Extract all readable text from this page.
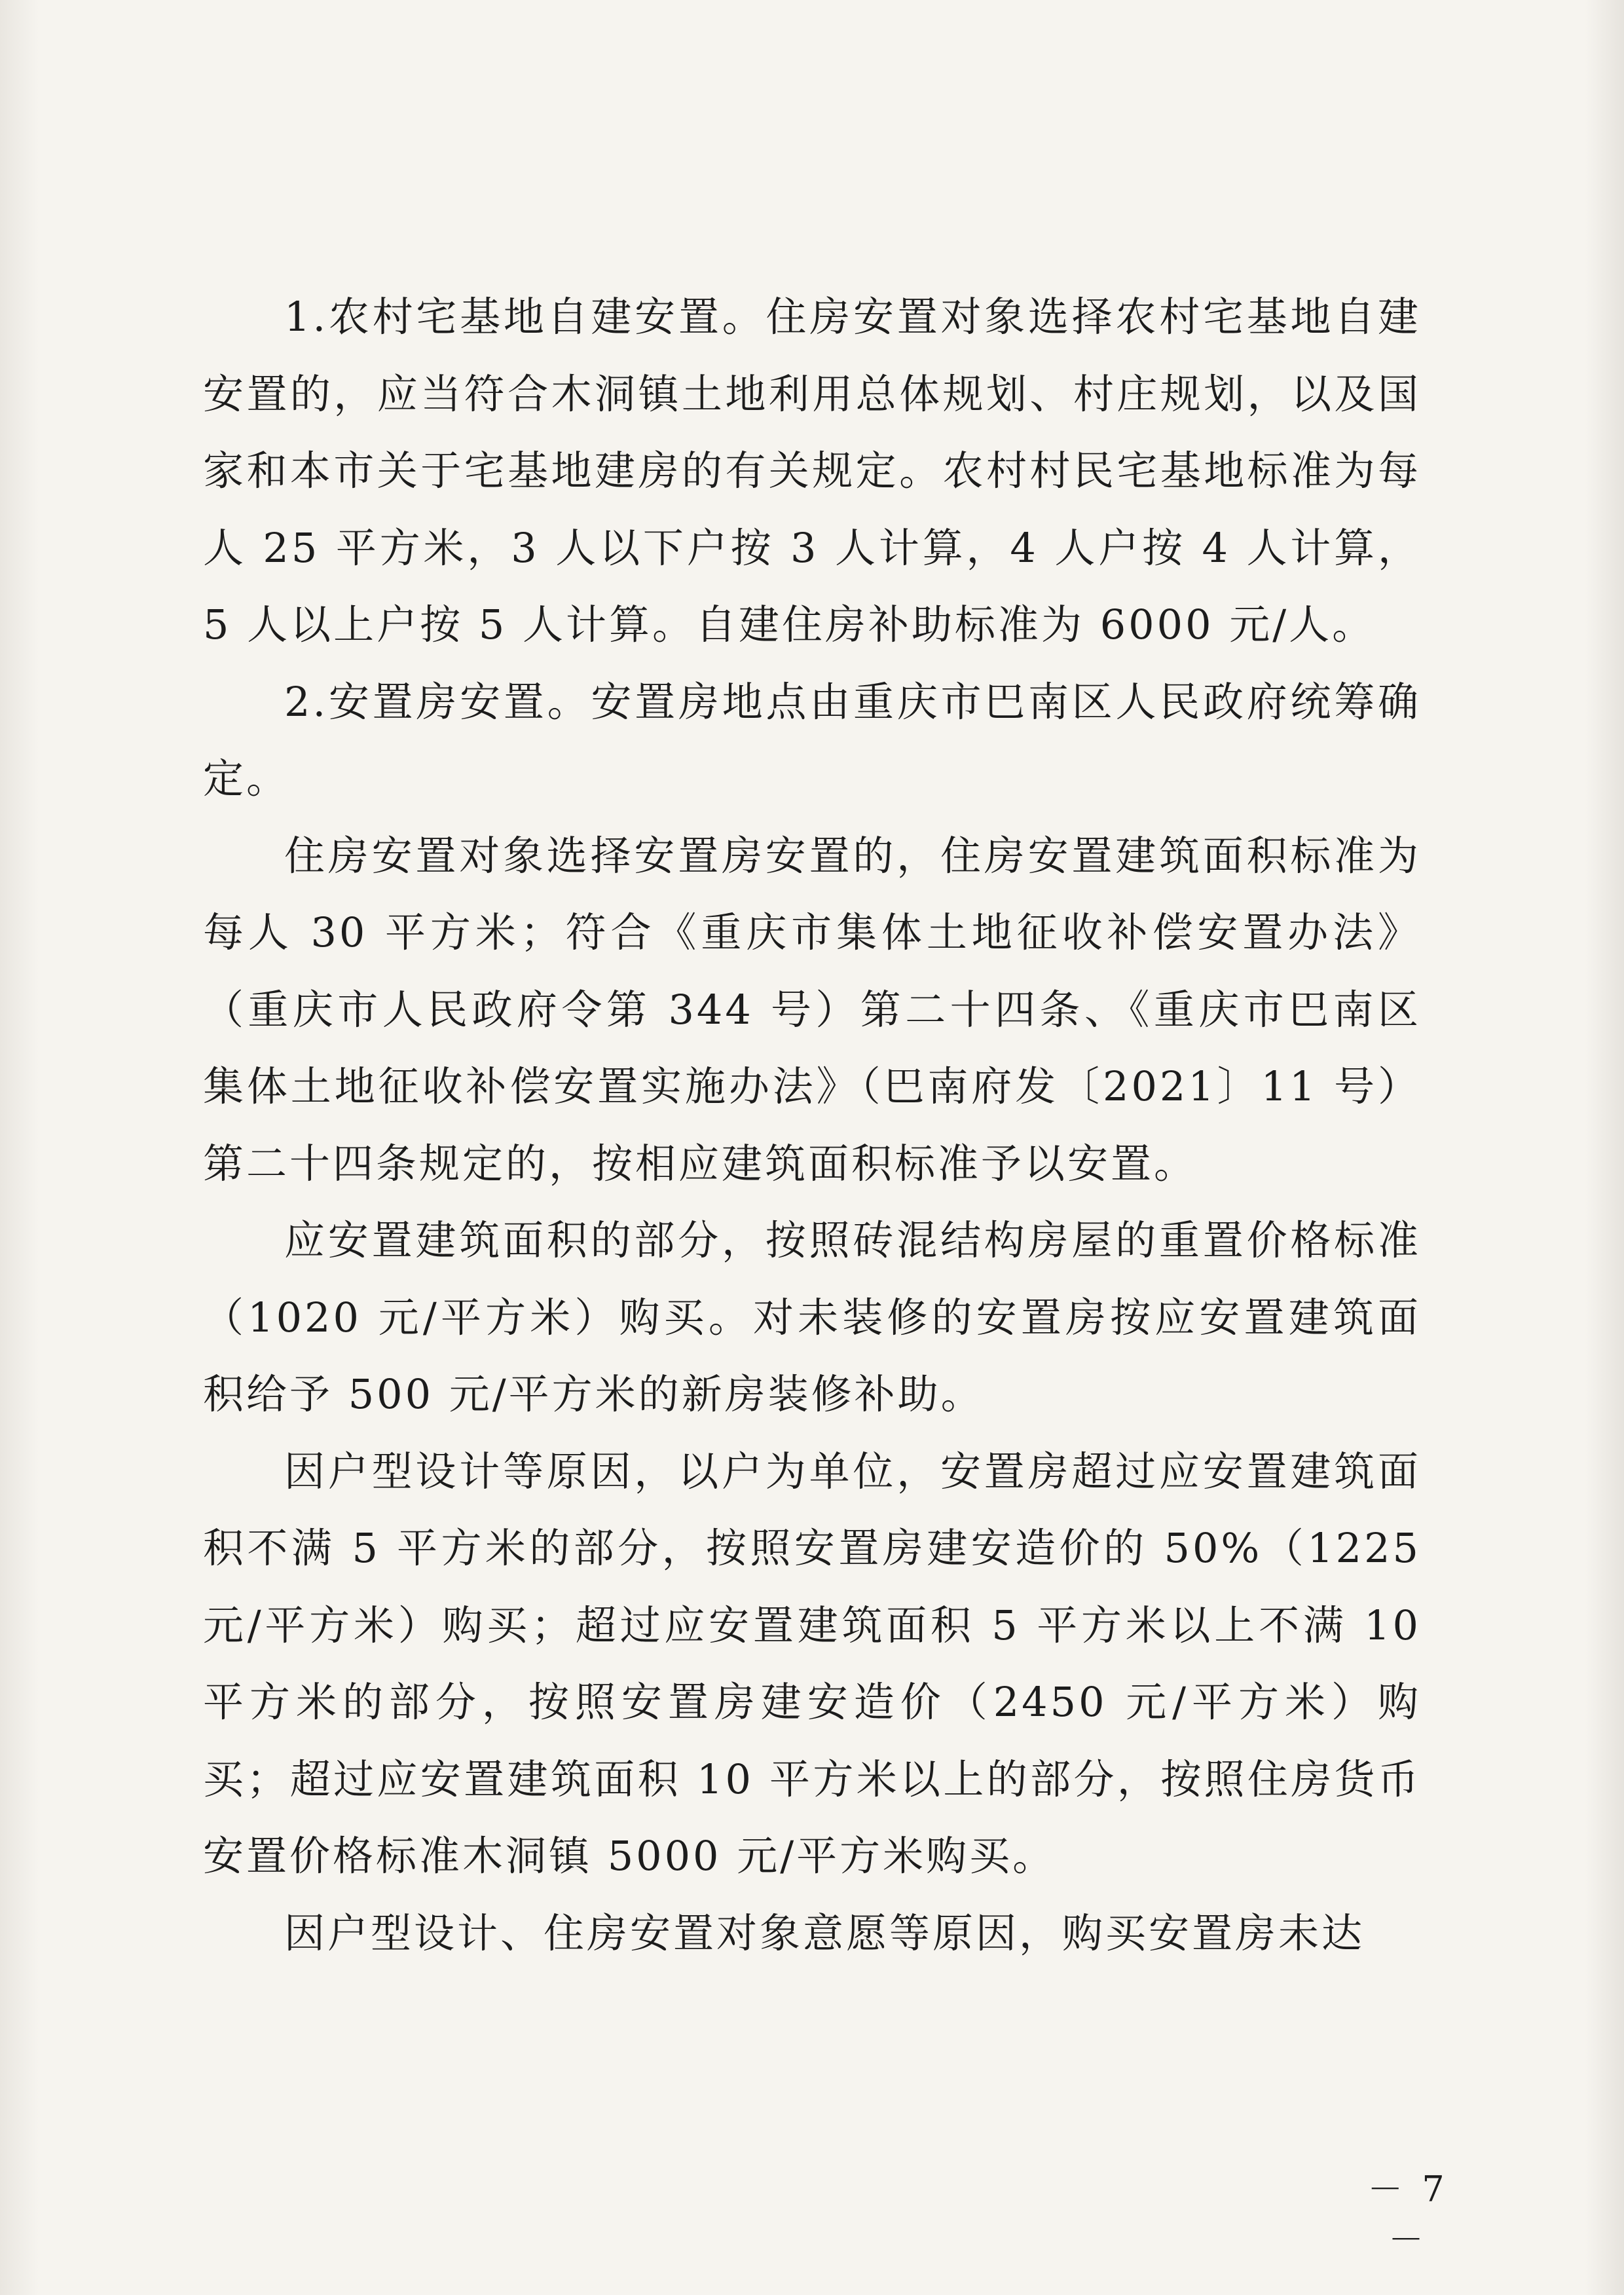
1.农村宅基地自建安置。住房安置对象选择农村宅基地自建安置的，应当符合木洞镇土地利用总体规划、村庄规划，以及国家和本市关于宅基地建房的有关规定。农村村民宅基地标准为每人 25 平方米，3 人以下户按 3 人计算，4 人户按 4 人计算，5 人以上户按 5 人计算。自建住房补助标准为 6000 元/人。

2.安置房安置。安置房地点由重庆市巴南区人民政府统筹确定。

住房安置对象选择安置房安置的，住房安置建筑面积标准为每人 30 平方米；符合《重庆市集体土地征收补偿安置办法》（重庆市人民政府令第 344 号）第二十四条、《重庆市巴南区集体土地征收补偿安置实施办法》（巴南府发〔2021〕11 号）第二十四条规定的，按相应建筑面积标准予以安置。

应安置建筑面积的部分，按照砖混结构房屋的重置价格标准（1020 元/平方米）购买。对未装修的安置房按应安置建筑面积给予 500 元/平方米的新房装修补助。

因户型设计等原因，以户为单位，安置房超过应安置建筑面积不满 5 平方米的部分，按照安置房建安造价的 50%（1225 元/平方米）购买；超过应安置建筑面积 5 平方米以上不满 10 平方米的部分，按照安置房建安造价（2450 元/平方米）购买；超过应安置建筑面积 10 平方米以上的部分，按照住房货币安置价格标准木洞镇 5000 元/平方米购买。

因户型设计、住房安置对象意愿等原因，购买安置房未达

－ 7 －
